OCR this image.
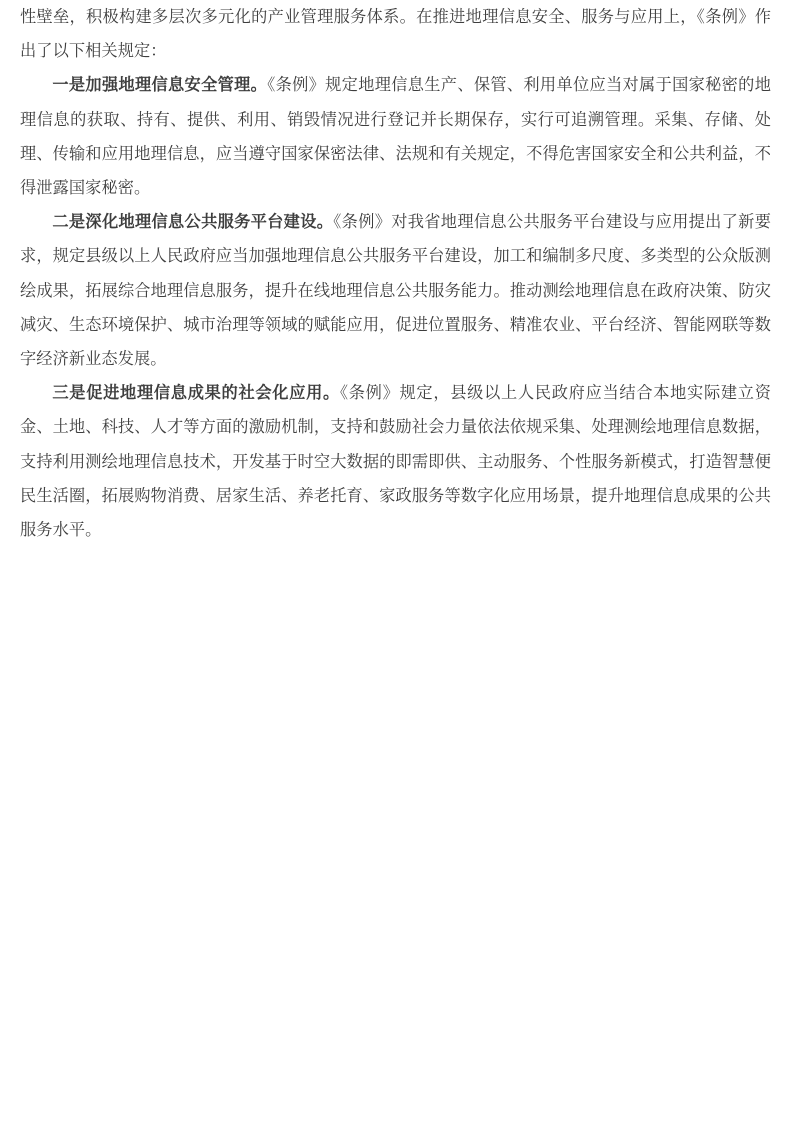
性壁垒，积极构建多层次多元化的产业管理服务体系。在推进地理信息安全、服务与应用上，《条例》作出了以下相关规定：

一是加强地理信息安全管理。《条例》规定地理信息生产、保管、利用单位应当对属于国家秘密的地理信息的获取、持有、提供、利用、销毁情况进行登记并长期保存，实行可追溯管理。采集、存储、处理、传输和应用地理信息，应当遵守国家保密法律、法规和有关规定，不得危害国家安全和公共利益，不得泄露国家秘密。

二是深化地理信息公共服务平台建设。《条例》对我省地理信息公共服务平台建设与应用提出了新要求，规定县级以上人民政府应当加强地理信息公共服务平台建设，加工和编制多尺度、多类型的公众版测绘成果，拓展综合地理信息服务，提升在线地理信息公共服务能力。推动测绘地理信息在政府决策、防灾减灾、生态环境保护、城市治理等领域的赋能应用，促进位置服务、精准农业、平台经济、智能网联等数字经济新业态发展。

三是促进地理信息成果的社会化应用。《条例》规定，县级以上人民政府应当结合本地实际建立资金、土地、科技、人才等方面的激励机制，支持和鼓励社会力量依法依规采集、处理测绘地理信息数据，支持利用测绘地理信息技术，开发基于时空大数据的即需即供、主动服务、个性服务新模式，打造智慧便民生活圈，拓展购物消费、居家生活、养老托育、家政服务等数字化应用场景，提升地理信息成果的公共服务水平。
